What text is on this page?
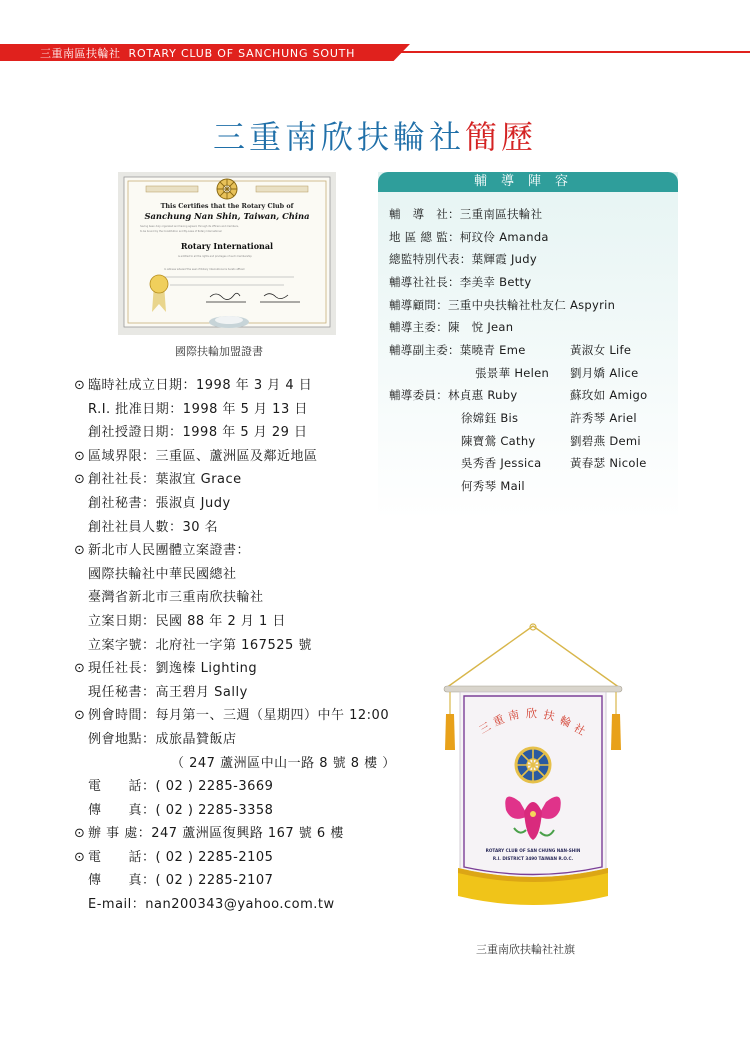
三重南區扶輪社 ROTARY CLUB OF SANCHUNG SOUTH
三重南欣扶輪社簡歷
This Certifies that the Rotary Club of
Sanchung Nan Shin, Taiwan, China
having been duly organized and having agreed, through its officers and members,
to be bound by the Constitution and By-Laws of Rotary International
is entitled to all the rights and privileges of such membership
In witness whereof the seal of Rotary International is hereto affixed
Rotary International
國際扶輪加盟證書
輔導陣容
輔　導　社：三重南區扶輪社
地 區 總 監：柯玟伶 Amanda
總監特別代表：葉輝霞 Judy
輔導社社長：李美幸 Betty
輔導顧問：三重中央扶輪社杜友仁 Aspyrin
輔導主委：陳　悅 Jean
輔導副主委：葉曉青 Eme	黃淑女 Life
張景華 Helen 劉月嬌 Alice
輔導委員：林貞惠 Ruby	蘇玫如 Amigo
徐嫦鈺 Bis	許秀琴 Ariel
陳寶鶯 Cathy	劉碧燕 Demi
吳秀香 Jessica 黃春瑟 Nicole
何秀琴 Mail
⊙ 臨時社成立日期：1998 年 3 月 4 日
R.I. 批准日期：1998 年 5 月 13 日
創社授證日期：1998 年 5 月 29 日
⊙ 區域界限：三重區、蘆洲區及鄰近地區
⊙ 創社社長：葉淑宜 Grace
創社秘書：張淑貞 Judy
創社社員人數：30 名
⊙ 新北市人民團體立案證書：
國際扶輪社中華民國總社
臺灣省新北市三重南欣扶輪社
立案日期：民國 88 年 2 月 1 日
立案字號：北府社一字第 167525 號
⊙ 現任社長：劉逸榛 Lighting
現任秘書：高王碧月 Sally
⊙ 例會時間：每月第一、三週（星期四）中午 12:00
例會地點：成旅晶贊飯店
（ 247 蘆洲區中山一路 8 號 8 樓 ）
電　　話：( 02 ) 2285-3669
傳　　真：( 02 ) 2285-3358
⊙ 辦 事 處：247 蘆洲區復興路 167 號 6 樓
⊙ 電　　話：( 02 ) 2285-2105
傳　　真：( 02 ) 2285-2107
E-mail：nan200343@yahoo.com.tw
三
重 南 欣 扶 輪
社
ROTARY CLUB OF SAN CHUNG NAN-SHIN
R.I. DISTRICT 3490 TAIWAN R.O.C.
三重南欣扶輪社社旗
